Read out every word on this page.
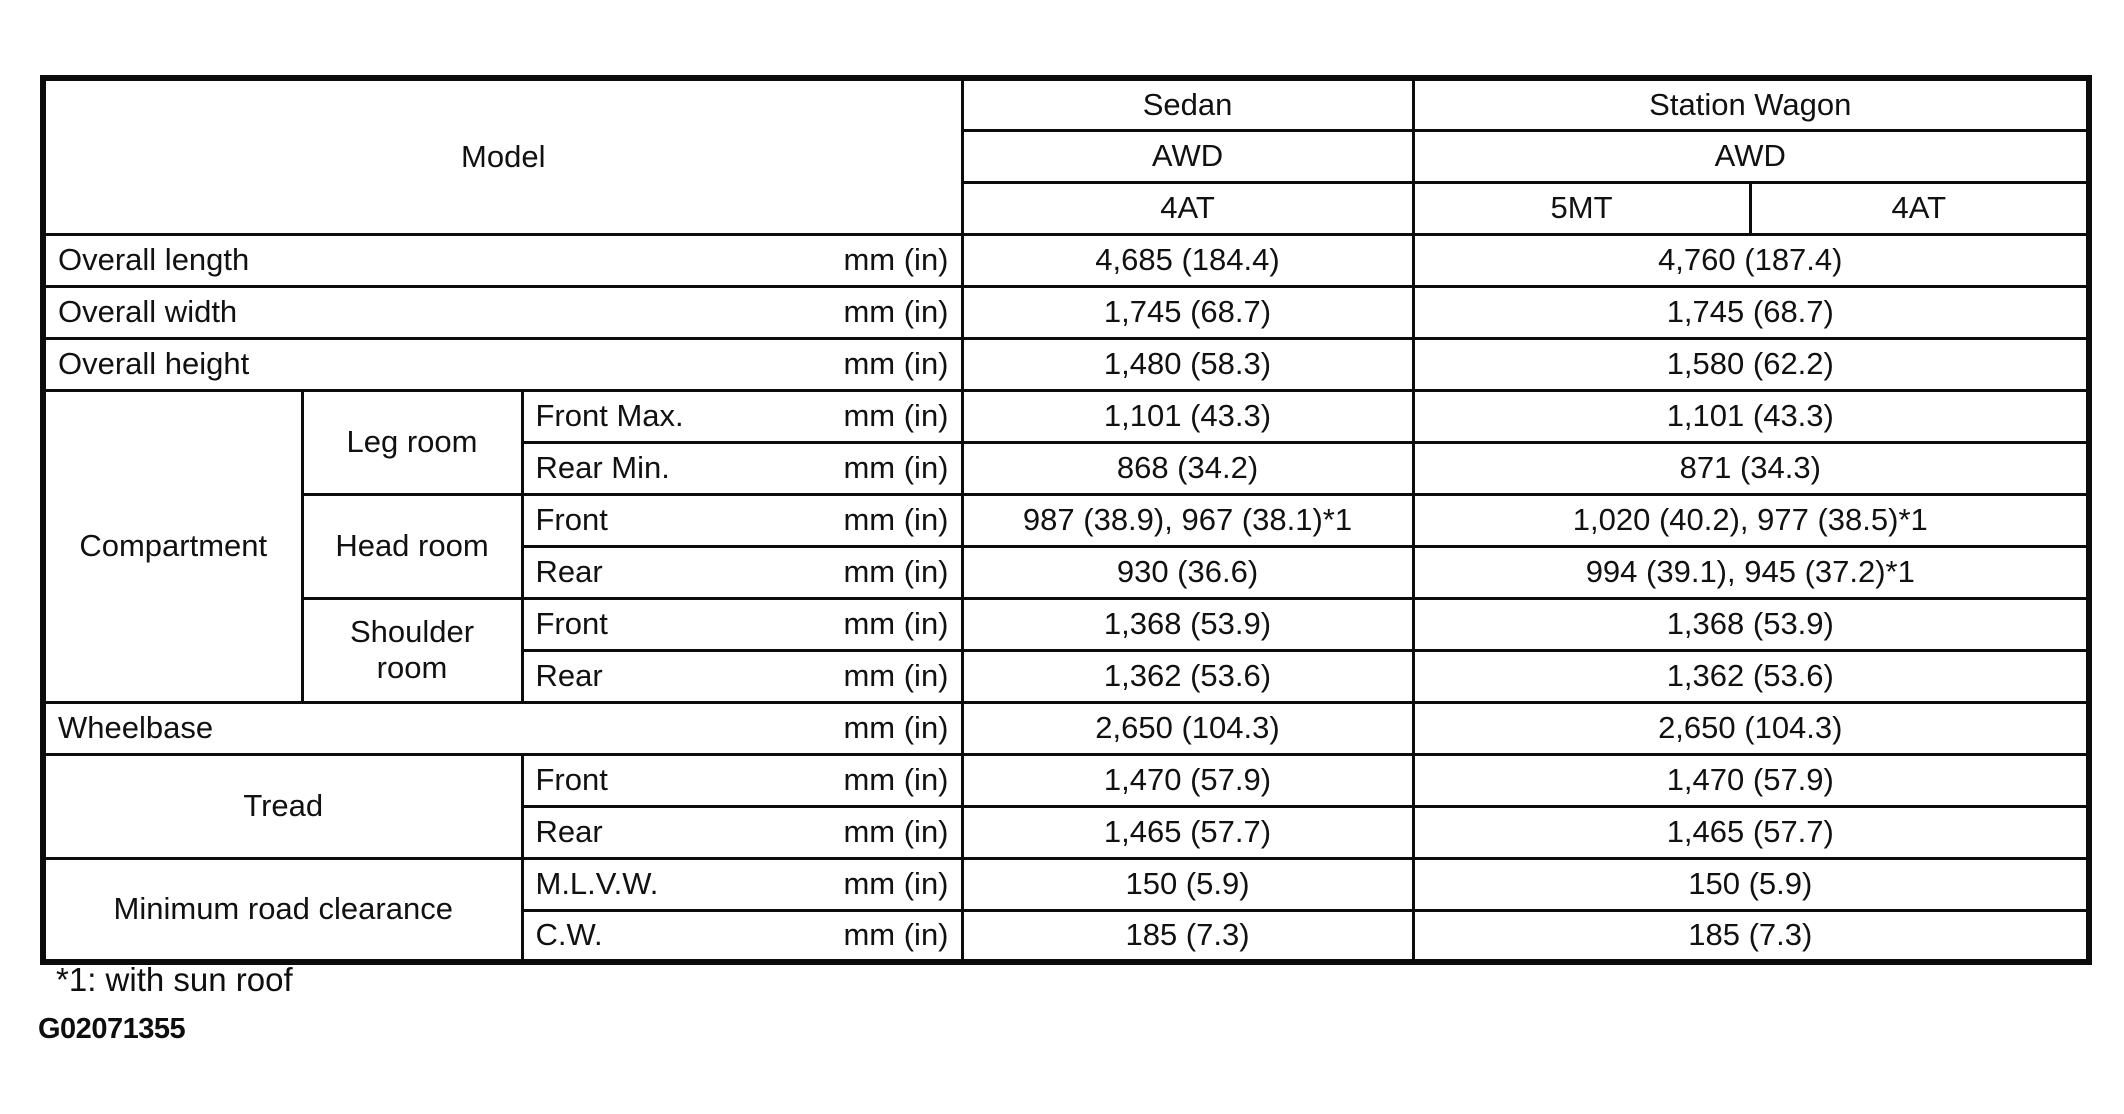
Model			Sedan	Station Wagon	
			AWD	AWD	
			4AT	5MT	4AT

Overall length mm (in)			4,685 (184.4)	4,760 (187.4)	

Overall width mm (in)			1,745 (68.7)	1,745 (68.7)	

Overall height mm (in)			1,480 (58.3)	1,580 (62.2)	
Compartment	Leg room	Front Max. mm (in)	1,101 (43.3)	1,101 (43.3)	

		Rear Min. mm (in)	868 (34.2)	871 (34.3)	
	Head room	Front mm (in)	987 (38.9), 967 (38.1)*1	1,020 (40.2), 977 (38.5)*1	

		Rear mm (in)	930 (36.6)	994 (39.1), 945 (37.2)*1	
	Shoulder room	Front mm (in)	1,368 (53.9)	1,368 (53.9)	

		Rear mm (in)	1,362 (53.6)	1,362 (53.6)	

Wheelbase mm (in)			2,650 (104.3)	2,650 (104.3)	
Tread		Front mm (in)	1,470 (57.9)	1,470 (57.9)	

		Rear mm (in)	1,465 (57.7)	1,465 (57.7)	
Minimum road clearance		M.L.V.W. mm (in)	150 (5.9)	150 (5.9)	

		C.W. mm (in)	185 (7.3)	185 (7.3)	
*1: with sun roof
G02071355
